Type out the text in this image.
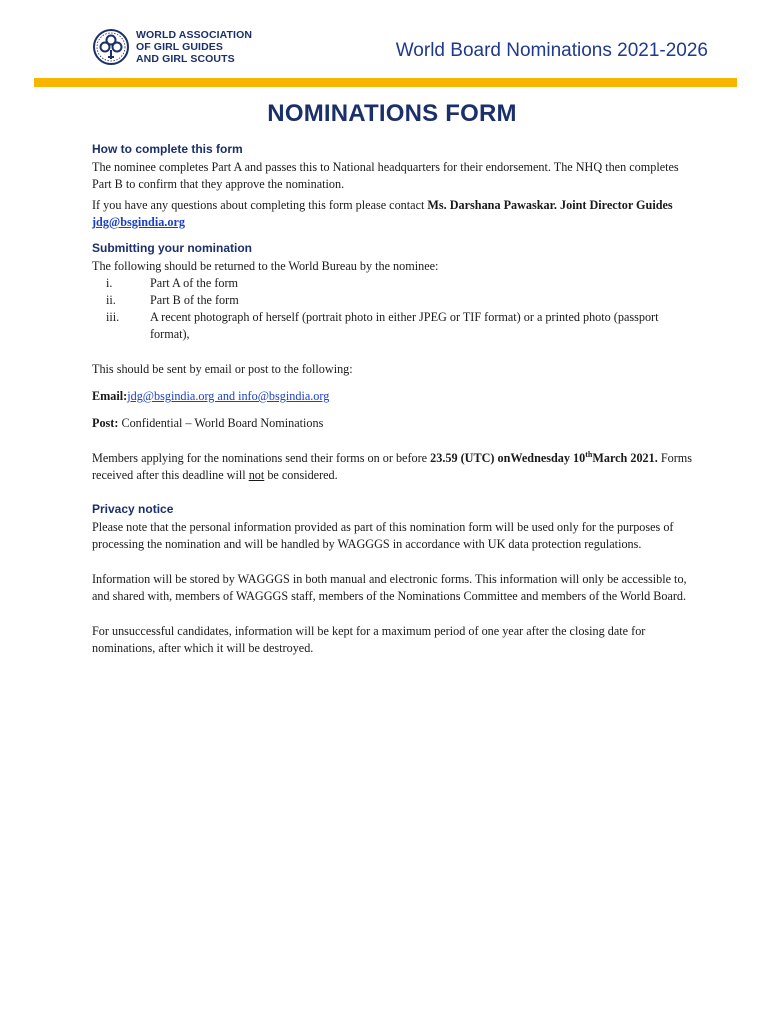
WORLD ASSOCIATION
OF GIRL GUIDES
AND GIRL SCOUTS	World Board Nominations 2021-2026
NOMINATIONS FORM
How to complete this form

The nominee completes Part A and passes this to National headquarters for their endorsement. The NHQ then completes Part B to confirm that they approve the nomination.

If you have any questions about completing this form please contact Ms. Darshana Pawaskar. Joint Director Guides  jdg@bsgindia.org

Submitting your nomination

The following should be returned to the World Bureau by the nominee:

i.	Part A of the form
ii.	Part B of the form
iii.	A recent photograph of herself (portrait photo in either JPEG or TIF format) or a printed photo (passport format),

This should be sent by email or post to the following:

Email:jdg@bsgindia.org and info@bsgindia.org

Post: Confidential – World Board Nominations

Members applying for the nominations send their forms on or before 23.59 (UTC) onWednesday 10thMarch 2021. Forms received after this deadline will not be considered.

Privacy notice

Please note that the personal information provided as part of this nomination form will be used only for the purposes of processing the nomination and will be handled by WAGGGS in accordance with UK data protection regulations.

Information will be stored by WAGGGS in both manual and electronic forms. This information will only be accessible to, and shared with, members of WAGGGS staff, members of the Nominations Committee and members of the World Board.

For unsuccessful candidates, information will be kept for a maximum period of one year after the closing date for nominations, after which it will be destroyed.
